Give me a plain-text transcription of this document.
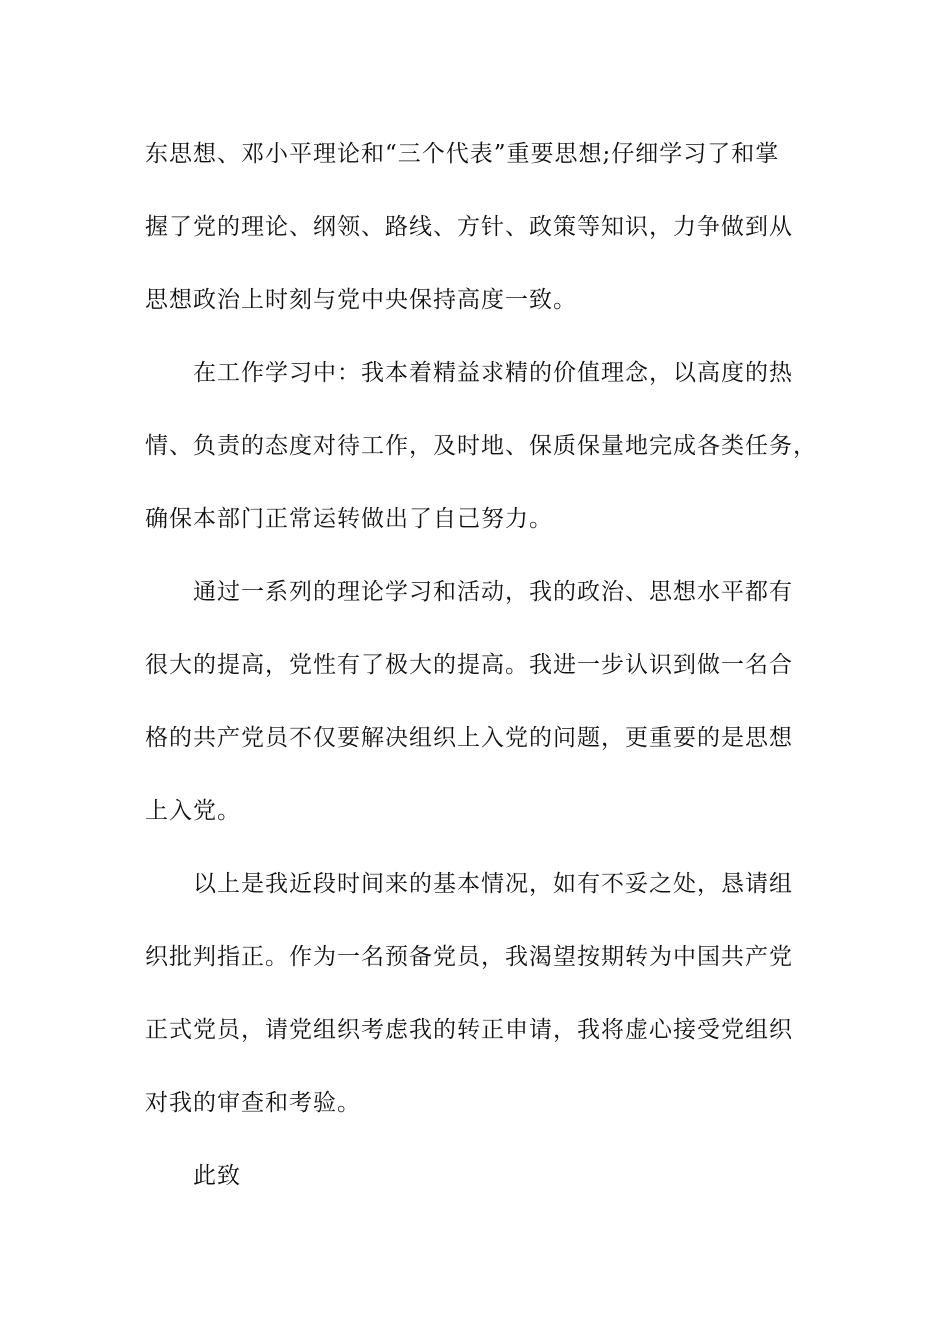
东思想、邓小平理论和“三个代表”重要思想;仔细学习了和掌
握了党的理论、纲领、路线、方针、政策等知识，力争做到从
思想政治上时刻与党中央保持高度一致。
在工作学习中：我本着精益求精的价值理念，以高度的热
情、负责的态度对待工作，及时地、保质保量地完成各类任务，
确保本部门正常运转做出了自己努力。
通过一系列的理论学习和活动，我的政治、思想水平都有
很大的提高，党性有了极大的提高。我进一步认识到做一名合
格的共产党员不仅要解决组织上入党的问题，更重要的是思想
上入党。
以上是我近段时间来的基本情况，如有不妥之处，恳请组
织批判指正。作为一名预备党员，我渴望按期转为中国共产党
正式党员，请党组织考虑我的转正申请，我将虚心接受党组织
对我的审查和考验。
此致
